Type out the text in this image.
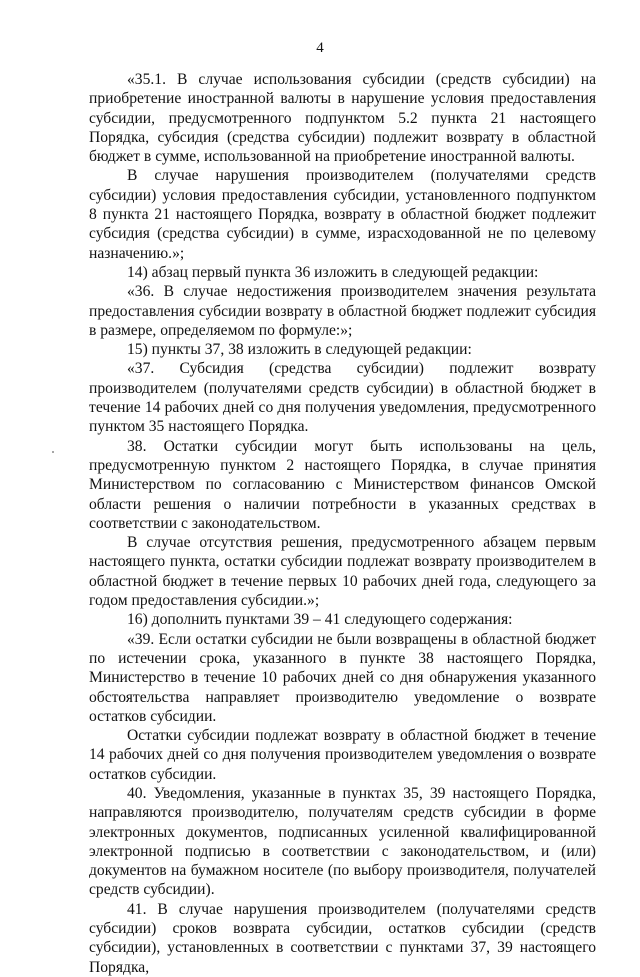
4

«35.1. В случае использования субсидии (средств субсидии) на приобретение иностранной валюты в нарушение условия предоставления субсидии, предусмотренного подпунктом 5.2 пункта 21 настоящего Порядка, субсидия (средства субсидии) подлежит возврату в областной бюджет в сумме, использованной на приобретение иностранной валюты.

В случае нарушения производителем (получателями средств субсидии) условия предоставления субсидии, установленного подпунктом 8 пункта 21 настоящего Порядка, возврату в областной бюджет подлежит субсидия (средства субсидии) в сумме, израсходованной не по целевому назначению.»;

14) абзац первый пункта 36 изложить в следующей редакции:

«36. В случае недостижения производителем значения результата предоставления субсидии возврату в областной бюджет подлежит субсидия в размере, определяемом по формуле:»;

15) пункты 37, 38 изложить в следующей редакции:

«37. Субсидия (средства субсидии) подлежит возврату производителем (получателями средств субсидии) в областной бюджет в течение 14 рабочих дней со дня получения уведомления, предусмотренного пунктом 35 настоящего Порядка.

38. Остатки субсидии могут быть использованы на цель, предусмотренную пунктом 2 настоящего Порядка, в случае принятия Министерством по согласованию с Министерством финансов Омской области решения о наличии потребности в указанных средствах в соответствии с законодательством.

В случае отсутствия решения, предусмотренного абзацем первым настоящего пункта, остатки субсидии подлежат возврату производителем в областной бюджет в течение первых 10 рабочих дней года, следующего за годом предоставления субсидии.»;

16) дополнить пунктами 39 – 41 следующего содержания:

«39. Если остатки субсидии не были возвращены в областной бюджет по истечении срока, указанного в пункте 38 настоящего Порядка, Министерство в течение 10 рабочих дней со дня обнаружения указанного обстоятельства направляет производителю уведомление о возврате остатков субсидии.

Остатки субсидии подлежат возврату в областной бюджет в течение 14 рабочих дней со дня получения производителем уведомления о возврате остатков субсидии.

40. Уведомления, указанные в пунктах 35, 39 настоящего Порядка, направляются производителю, получателям средств субсидии в форме электронных документов, подписанных усиленной квалифицированной электронной подписью в соответствии с законодательством, и (или) документов на бумажном носителе (по выбору производителя, получателей средств субсидии).

41. В случае нарушения производителем (получателями средств субсидии) сроков возврата субсидии, остатков субсидии (средств субсидии), установленных в соответствии с пунктами 37, 39 настоящего Порядка,
